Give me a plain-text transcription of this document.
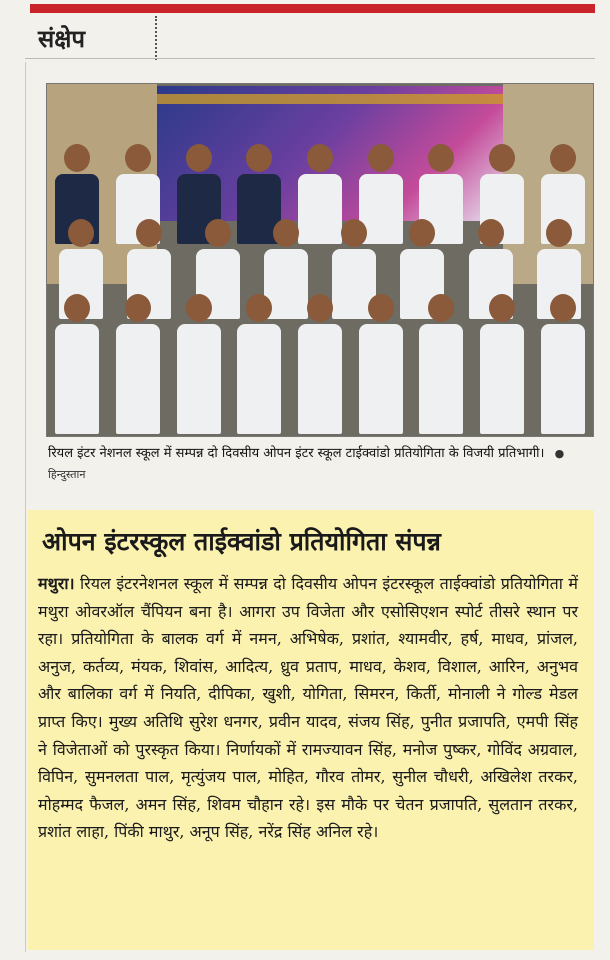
संक्षेप
रियल इंटर नेशनल स्कूल में सम्पन्न दो दिवसीय ओपन इंटर स्कूल टाईक्वांडो प्रतियोगिता के विजयी प्रतिभागी। ● हिन्दुस्तान
ओपन इंटरस्कूल ताईक्वांडो प्रतियोगिता संपन्न
मथुरा। रियल इंटरनेशनल स्कूल में सम्पन्न दो दिवसीय ओपन इंटरस्कूल ताईक्वांडो प्रतियोगिता में मथुरा ओवरऑल चैंपियन बना है। आगरा उप विजेता और एसोसिएशन स्पोर्ट तीसरे स्थान पर रहा। प्रतियोगिता के बालक वर्ग में नमन, अभिषेक, प्रशांत, श्यामवीर, हर्ष, माधव, प्रांजल, अनुज, कर्तव्य, मंयक, शिवांस, आदित्य, ध्रुव प्रताप, माधव, केशव, विशाल, आरिन, अनुभव और बालिका वर्ग में नियति, दीपिका, खुशी, योगिता, सिमरन, किर्ती, मोनाली ने गोल्ड मेडल प्राप्त किए। मुख्य अतिथि सुरेश धनगर, प्रवीन यादव, संजय सिंह, पुनीत प्रजापति, एमपी सिंह ने विजेताओं को पुरस्कृत किया। निर्णायकों में रामज्यावन सिंह, मनोज पुष्कर, गोविंद अग्रवाल, विपिन, सुमनलता पाल, मृत्युंजय पाल, मोहित, गौरव तोमर, सुनील चौधरी, अखिलेश तरकर, मोहम्मद फैजल, अमन सिंह, शिवम चौहान रहे। इस मौके पर चेतन प्रजापति, सुलतान तरकर, प्रशांत लाहा, पिंकी माथुर, अनूप सिंह, नरेंद्र सिंह अनिल रहे।
